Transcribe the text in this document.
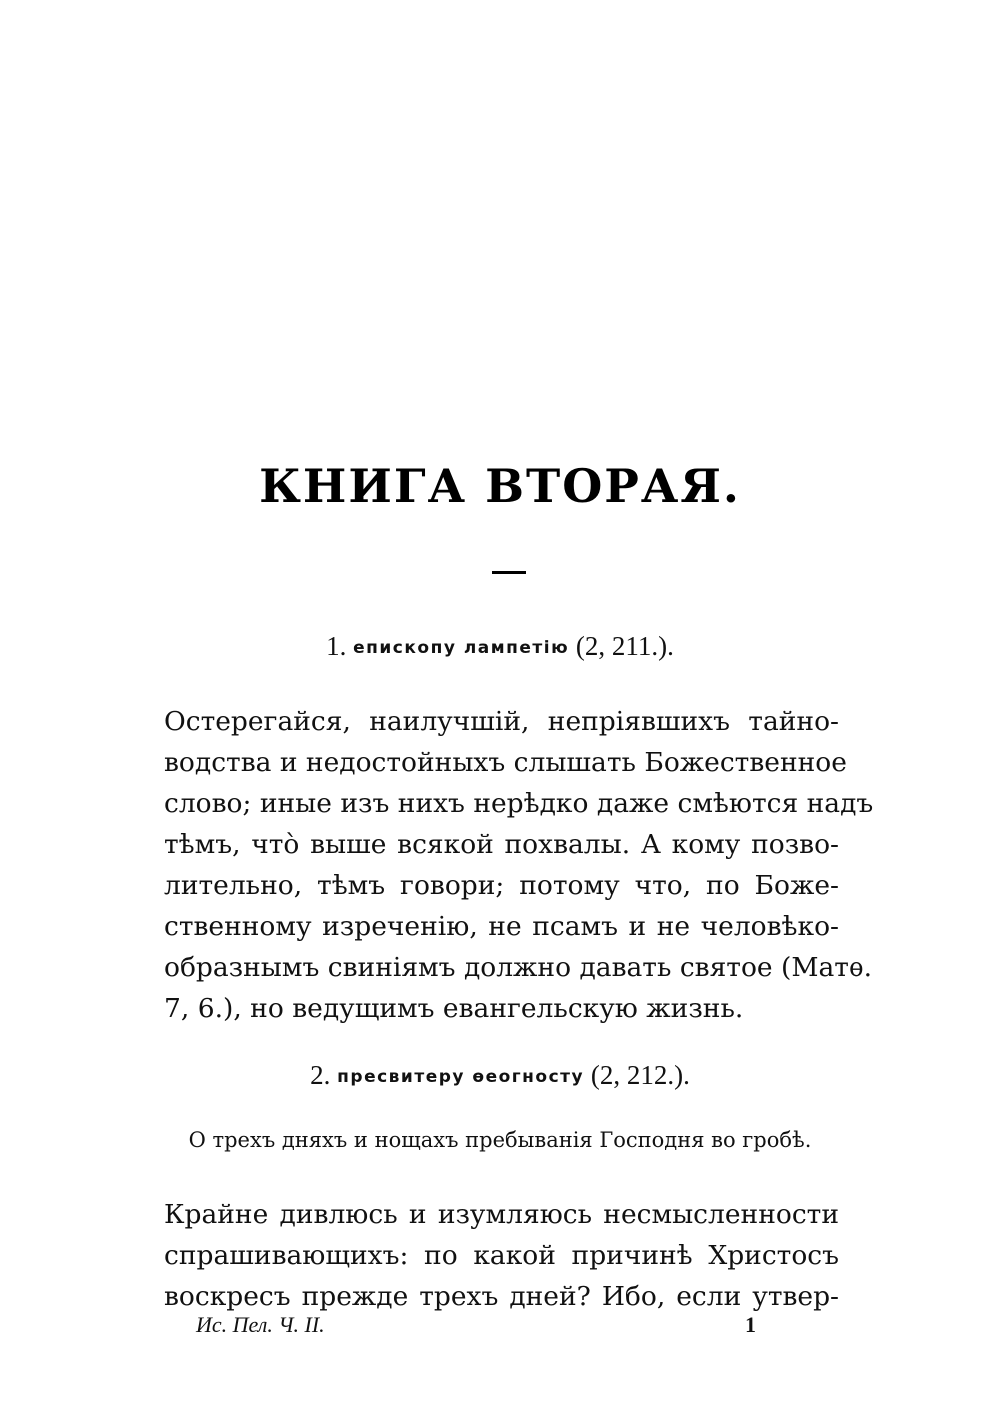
КНИГА ВТОРАЯ.
1. епископу лампетію (2, 211.).
Остерегайся, наилучшій, непріявшихъ тайно-
водства и недостойныхъ слышать Божественное
слово; иные изъ нихъ нерѣдко даже смѣются надъ
тѣмъ, что̀ выше всякой похвалы. А кому позво-
лительно, тѣмъ говори; потому что, по Боже-
ственному изреченію, не псамъ и не человѣко-
образнымъ свиніямъ должно давать святое (Матѳ.
7, 6.), но ведущимъ евангельскую жизнь.
2. пресвитеру ѳеогносту (2, 212.).
О трехъ дняхъ и нощахъ пребыванія Господня во гробѣ.
Крайне дивлюсь и изумляюсь несмысленности
спрашивающихъ: по какой причинѣ Христосъ
воскресъ прежде трехъ дней? Ибо, если утвер-
Ис. Пел. Ч. II.	1
